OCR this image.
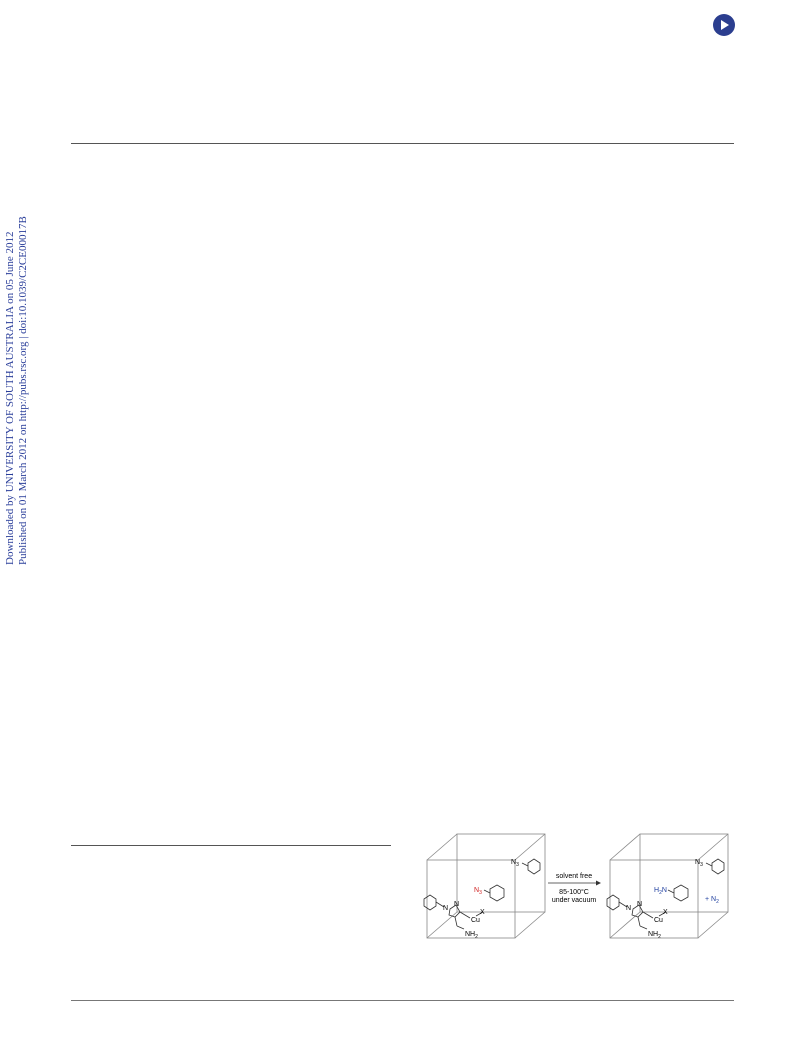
Downloaded by UNIVERSITY OF SOUTH AUSTRALIA on 05 June 2012 Published on 01 March 2012 on http://pubs.rsc.org | doi:10.1039/C2CE00017B
N
N
Cu
X
$NH_2$
$N_3$
$N_3$
solvent free
85-100°C
under vacuum
N
N
Cu
X
$NH_2$
$H_2N$
$N_3$
+ $N_2$
